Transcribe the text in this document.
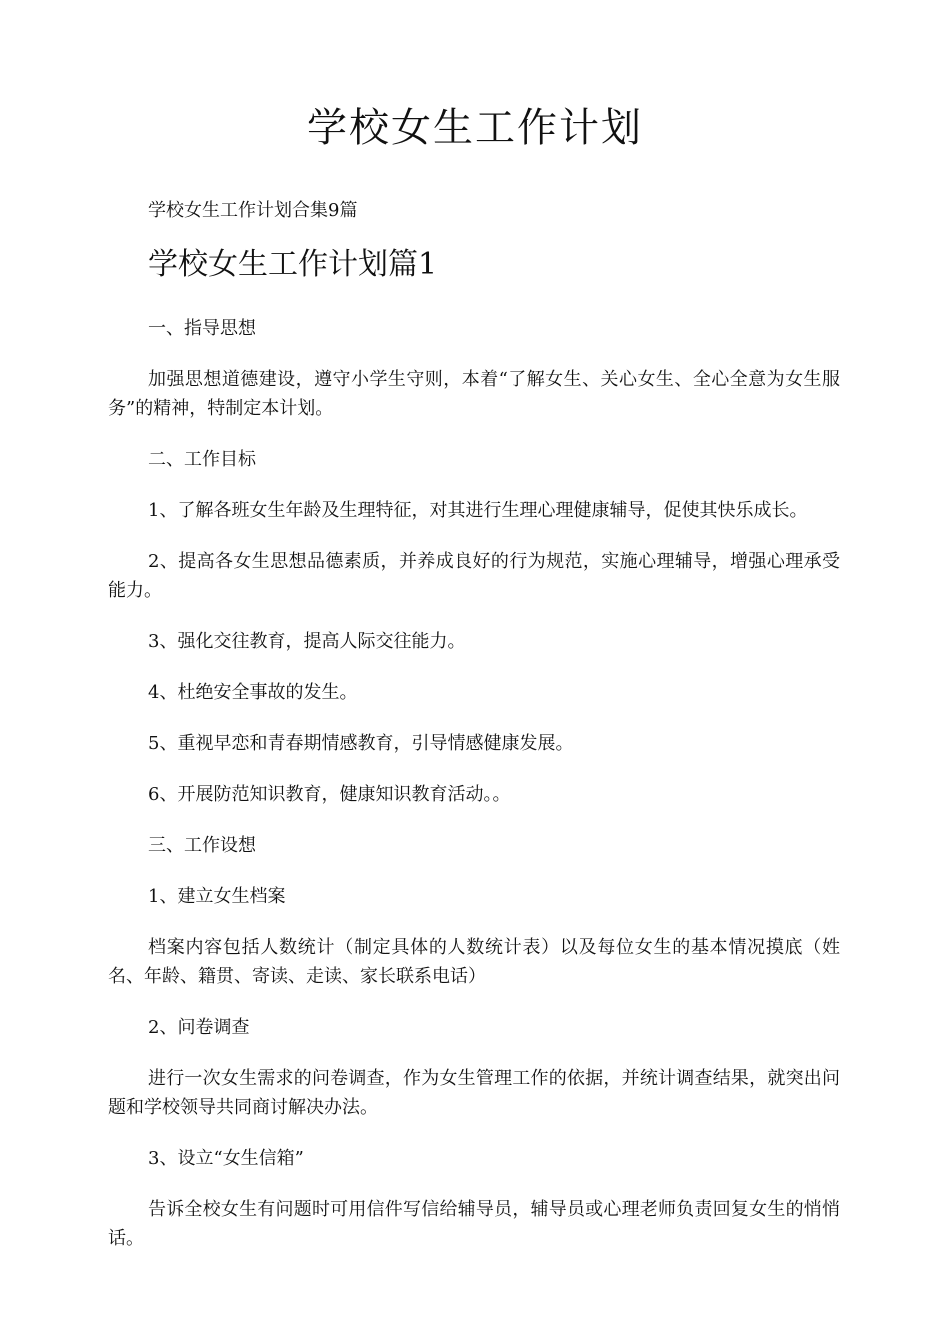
学校女生工作计划

学校女生工作计划合集9篇

学校女生工作计划篇1

一、指导思想

加强思想道德建设，遵守小学生守则，本着“了解女生、关心女生、全心全意为女生服务”的精神，特制定本计划。

二、工作目标

1、了解各班女生年龄及生理特征，对其进行生理心理健康辅导，促使其快乐成长。

2、提高各女生思想品德素质，并养成良好的行为规范，实施心理辅导，增强心理承受能力。

3、强化交往教育，提高人际交往能力。

4、杜绝安全事故的发生。

5、重视早恋和青春期情感教育，引导情感健康发展。

6、开展防范知识教育，健康知识教育活动。。

三、工作设想

1、建立女生档案

档案内容包括人数统计（制定具体的人数统计表）以及每位女生的基本情况摸底（姓名、年龄、籍贯、寄读、走读、家长联系电话）

2、问卷调查

进行一次女生需求的问卷调查，作为女生管理工作的依据，并统计调查结果，就突出问题和学校领导共同商讨解决办法。

3、设立“女生信箱”

告诉全校女生有问题时可用信件写信给辅导员，辅导员或心理老师负责回复女生的悄悄话。
